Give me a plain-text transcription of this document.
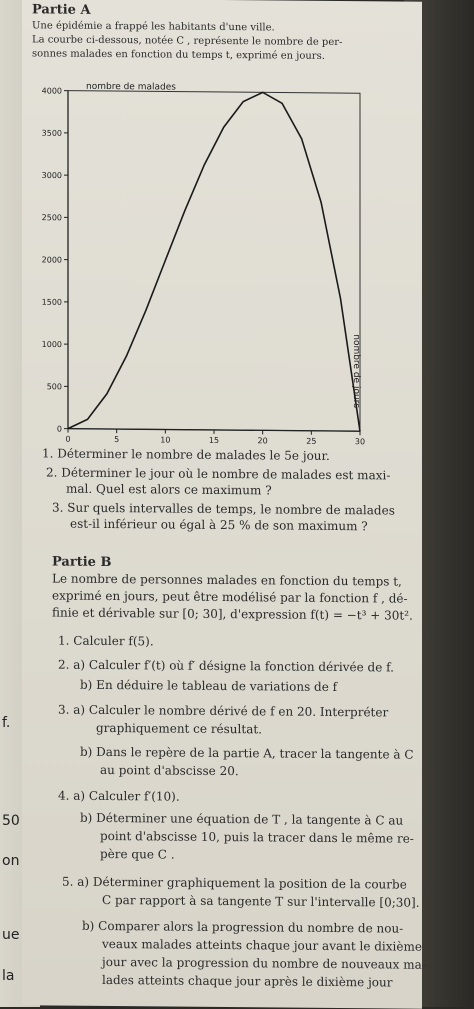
f.
50
on
ue
la
Partie A
Une épidémie a frappé les habitants d'une ville.
La courbe ci-dessous, notée C , représente le nombre de per-
sonnes malades en fonction du temps t, exprimé en jours.
0
500
1000
1500
2000
2500
3000
3500
4000
0	5	10	15	20	25	30
nombre de malades
nombre de jours
1. Déterminer le nombre de malades le 5e jour.
2. Déterminer le jour où le nombre de malades est maxi-
mal. Quel est alors ce maximum ?
3. Sur quels intervalles de temps, le nombre de malades
est-il inférieur ou égal à 25 % de son maximum ?
Partie B
Le nombre de personnes malades en fonction du temps t,
exprimé en jours, peut être modélisé par la fonction f , dé-
finie et dérivable sur [0; 30], d'expression f(t) = −t³ + 30t².
1. Calculer f(5).
2. a) Calculer f′(t) où f′ désigne la fonction dérivée de f.
b) En déduire le tableau de variations de f
3. a) Calculer le nombre dérivé de f en 20. Interpréter
graphiquement ce résultat.
b) Dans le repère de la partie A, tracer la tangente à C
au point d'abscisse 20.
4. a) Calculer f′(10).
b) Déterminer une équation de T , la tangente à C au
point d'abscisse 10, puis la tracer dans le même re-
père que C .
5. a) Déterminer graphiquement la position de la courbe
C par rapport à sa tangente T sur l'intervalle [0;30].
b) Comparer alors la progression du nombre de nou-
veaux malades atteints chaque jour avant le dixième
jour avec la progression du nombre de nouveaux ma-
lades atteints chaque jour après le dixième jour
